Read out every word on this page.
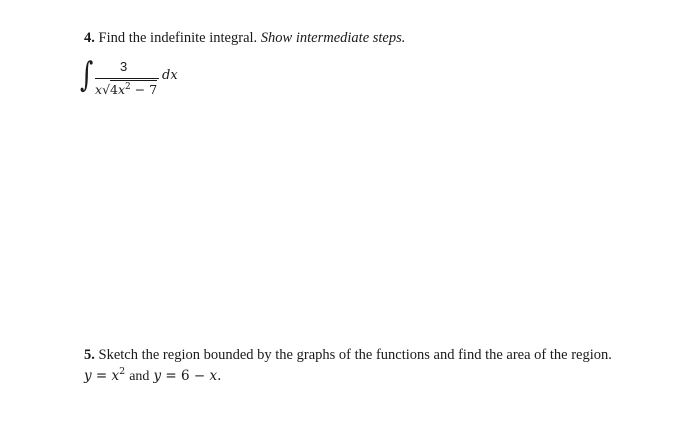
4. Find the indefinite integral. Show intermediate steps.
∫ 3
$x√4x^2 - 7$
dx
5. Sketch the region bounded by the graphs of the functions and find the area of the region.
$y = x^2$ and y = 6 − x.
